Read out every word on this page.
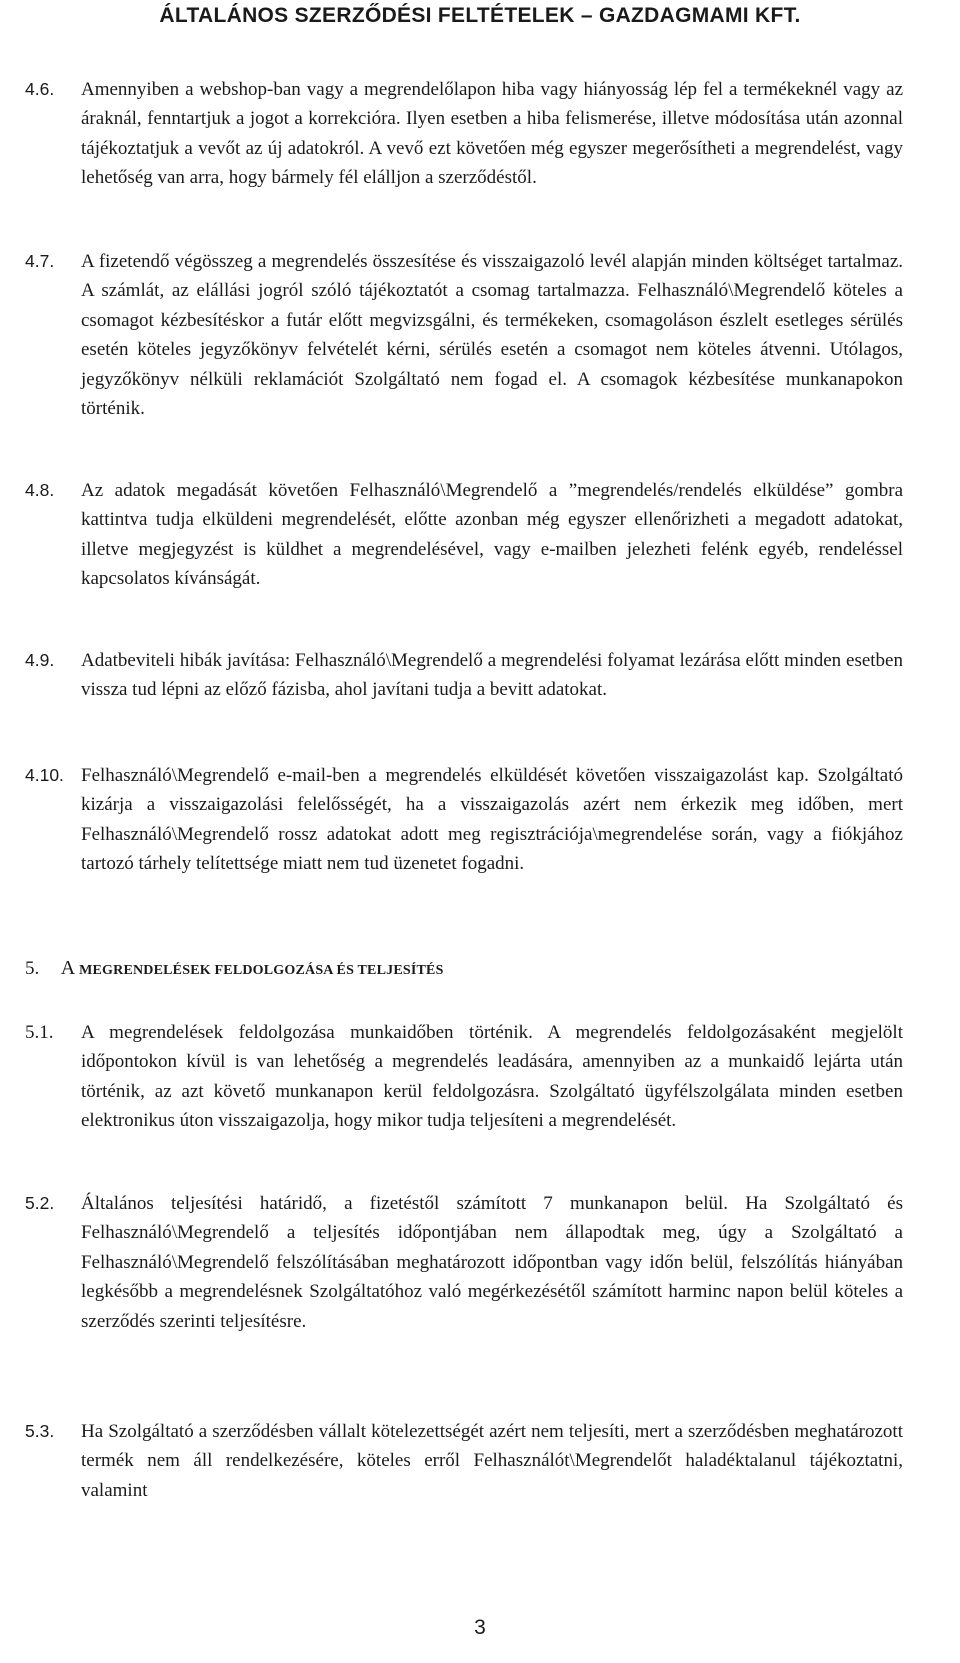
ÁLTALÁNOS SZERZŐDÉSI FELTÉTELEK – GAZDAGMAMI KFT.
4.6. Amennyiben a webshop-ban vagy a megrendelőlapon hiba vagy hiányosság lép fel a termékeknél vagy az áraknál, fenntartjuk a jogot a korrekcióra. Ilyen esetben a hiba felismerése, illetve módosítása után azonnal tájékoztatjuk a vevőt az új adatokról. A vevő ezt követően még egyszer megerősítheti a megrendelést, vagy lehetőség van arra, hogy bármely fél elálljon a szerződéstől.

4.7. A fizetendő végösszeg a megrendelés összesítése és visszaigazoló levél alapján minden költséget tartalmaz. A számlát, az elállási jogról szóló tájékoztatót a csomag tartalmazza. Felhasználó\Megrendelő köteles a csomagot kézbesítéskor a futár előtt megvizsgálni, és termékeken, csomagoláson észlelt esetleges sérülés esetén köteles jegyzőkönyv felvételét kérni, sérülés esetén a csomagot nem köteles átvenni. Utólagos, jegyzőkönyv nélküli reklamációt Szolgáltató nem fogad el. A csomagok kézbesítése munkanapokon történik.

4.8. Az adatok megadását követően Felhasználó\Megrendelő a ”megrendelés/rendelés elküldése” gombra kattintva tudja elküldeni megrendelését, előtte azonban még egyszer ellenőrizheti a megadott adatokat, illetve megjegyzést is küldhet a megrendelésével, vagy e-mailben jelezheti felénk egyéb, rendeléssel kapcsolatos kívánságát.

4.9. Adatbeviteli hibák javítása: Felhasználó\Megrendelő a megrendelési folyamat lezárása előtt minden esetben vissza tud lépni az előző fázisba, ahol javítani tudja a bevitt adatokat.

4.10. Felhasználó\Megrendelő e-mail-ben a megrendelés elküldését követően visszaigazolást kap. Szolgáltató kizárja a visszaigazolási felelősségét, ha a visszaigazolás azért nem érkezik meg időben, mert Felhasználó\Megrendelő rossz adatokat adott meg regisztrációja\megrendelése során, vagy a fiókjához tartozó tárhely telítettsége miatt nem tud üzenetet fogadni.

5. A MEGRENDELÉSEK FELDOLGOZÁSA ÉS TELJESÍTÉS
5.1. A megrendelések feldolgozása munkaidőben történik. A megrendelés feldolgozásaként megjelölt időpontokon kívül is van lehetőség a megrendelés leadására, amennyiben az a munkaidő lejárta után történik, az azt követő munkanapon kerül feldolgozásra. Szolgáltató ügyfélszolgálata minden esetben elektronikus úton visszaigazolja, hogy mikor tudja teljesíteni a megrendelését.

5.2. Általános teljesítési határidő, a fizetéstől számított 7 munkanapon belül. Ha Szolgáltató és Felhasználó\Megrendelő a teljesítés időpontjában nem állapodtak meg, úgy a Szolgáltató a Felhasználó\Megrendelő felszólításában meghatározott időpontban vagy időn belül, felszólítás hiányában legkésőbb a megrendelésnek Szolgáltatóhoz való megérkezésétől számított harminc napon belül köteles a szerződés szerinti teljesítésre.

5.3. Ha Szolgáltató a szerződésben vállalt kötelezettségét azért nem teljesíti, mert a szerződésben meghatározott termék nem áll rendelkezésére, köteles erről Felhasználót\Megrendelőt haladéktalanul tájékoztatni, valamint

3
